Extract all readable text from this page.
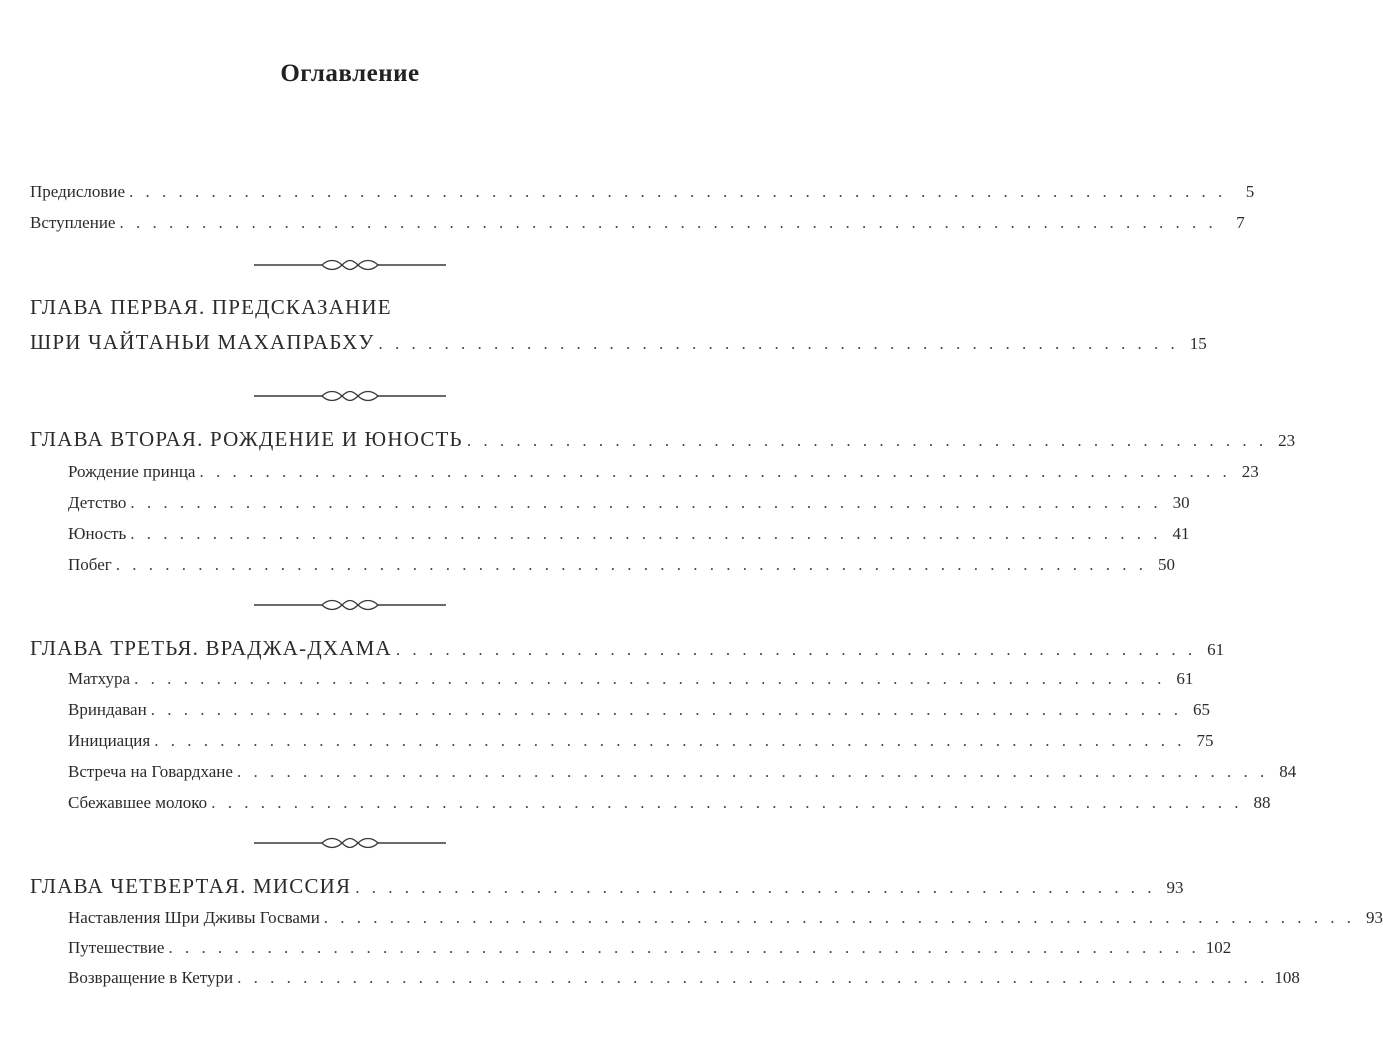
Оглавление
Предисловие . . . . . . . . . . . . . . . . . . . . . . . . . . . . . . . . . . . . . . . . . . . . . . . . . . . . . . . . . . . . . . . . . . .	5
Вступление . . . . . . . . . . . . . . . . . . . . . . . . . . . . . . . . . . . . . . . . . . . . . . . . . . . . . . . . . . . . . . . . . . .	7
ГЛАВА ПЕРВАЯ. ПРЕДСКАЗАНИЕ
ШРИ ЧАЙТАНЬИ МАХАПРАБХУ . . . . . . . . . . . . . . . . . . . . . . . . . . . . . . . . . . . . . . . . . . . . . . . . . 15
ГЛАВА ВТОРАЯ. РОЖДЕНИЕ И ЮНОСТЬ . . . . . . . . . . . . . . . . . . . . . . . . . . . . . . . . . . . . . . . . . . . . . . . . . 23
Рождение принца . . . . . . . . . . . . . . . . . . . . . . . . . . . . . . . . . . . . . . . . . . . . . . . . . . . . . . . . . . . . . . . 23
Детство . . . . . . . . . . . . . . . . . . . . . . . . . . . . . . . . . . . . . . . . . . . . . . . . . . . . . . . . . . . . . . . 30
Юность . . . . . . . . . . . . . . . . . . . . . . . . . . . . . . . . . . . . . . . . . . . . . . . . . . . . . . . . . . . . . . . 41
Побег . . . . . . . . . . . . . . . . . . . . . . . . . . . . . . . . . . . . . . . . . . . . . . . . . . . . . . . . . . . . . . . 50
ГЛАВА ТРЕТЬЯ. ВРАДЖА-ДХАМА . . . . . . . . . . . . . . . . . . . . . . . . . . . . . . . . . . . . . . . . . . . . . . . . . 61
Матхура . . . . . . . . . . . . . . . . . . . . . . . . . . . . . . . . . . . . . . . . . . . . . . . . . . . . . . . . . . . . . . . 61
Вриндаван . . . . . . . . . . . . . . . . . . . . . . . . . . . . . . . . . . . . . . . . . . . . . . . . . . . . . . . . . . . . . . . 65
Инициация . . . . . . . . . . . . . . . . . . . . . . . . . . . . . . . . . . . . . . . . . . . . . . . . . . . . . . . . . . . . . . . 75
Встреча на Говардхане . . . . . . . . . . . . . . . . . . . . . . . . . . . . . . . . . . . . . . . . . . . . . . . . . . . . . . . . . . . . . . . 84
Сбежавшее молоко . . . . . . . . . . . . . . . . . . . . . . . . . . . . . . . . . . . . . . . . . . . . . . . . . . . . . . . . . . . . . . . 88
ГЛАВА ЧЕТВЕРТАЯ. МИССИЯ . . . . . . . . . . . . . . . . . . . . . . . . . . . . . . . . . . . . . . . . . . . . . . . . . 93
Наставления Шри Дживы Госвами . . . . . . . . . . . . . . . . . . . . . . . . . . . . . . . . . . . . . . . . . . . . . . . . . . . . . . . . . . . . . . . 93
Путешествие . . . . . . . . . . . . . . . . . . . . . . . . . . . . . . . . . . . . . . . . . . . . . . . . . . . . . . . . . . . . . . . 102
Возвращение в Кетури . . . . . . . . . . . . . . . . . . . . . . . . . . . . . . . . . . . . . . . . . . . . . . . . . . . . . . . . . . . . . . . 108
